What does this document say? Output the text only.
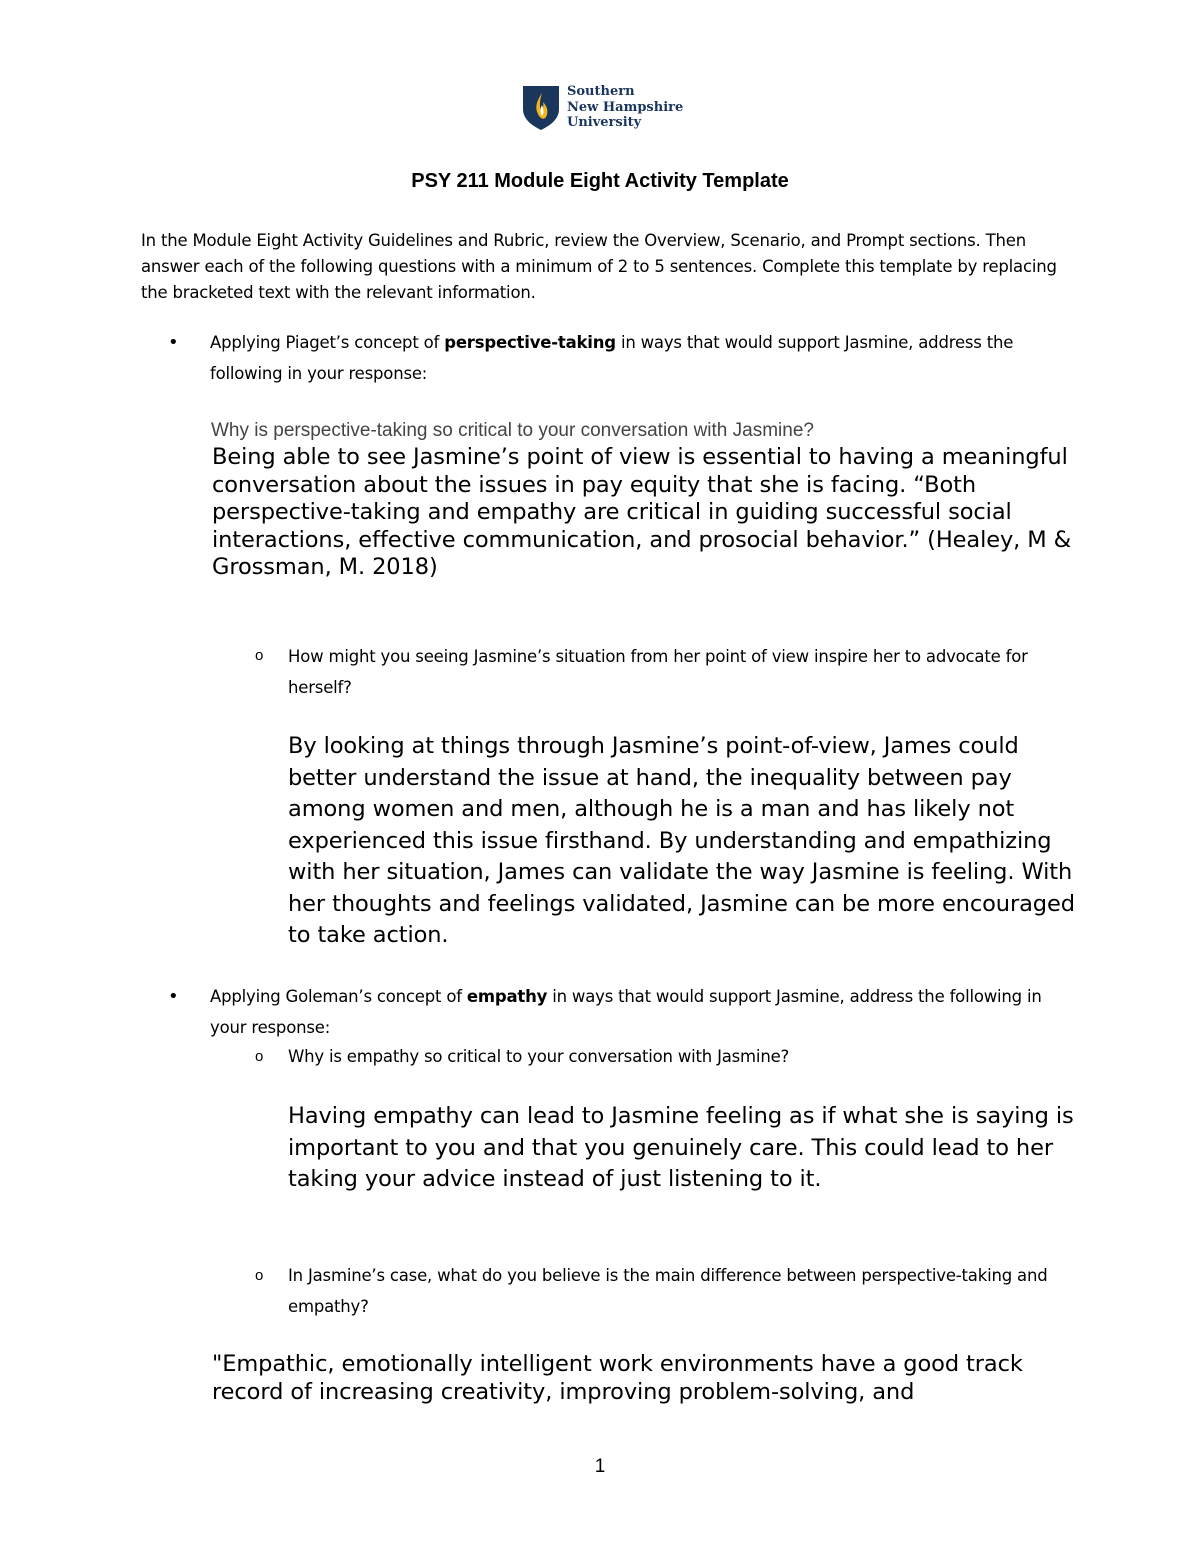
Southern
New Hampshire
University
PSY 211 Module Eight Activity Template

In the Module Eight Activity Guidelines and Rubric, review the Overview, Scenario, and Prompt sections. Then answer each of the following questions with a minimum of 2 to 5 sentences. Complete this template by replacing the bracketed text with the relevant information.

• Applying Piaget’s concept of perspective-taking in ways that would support Jasmine, address the following in your response:

Why is perspective-taking so critical to your conversation with Jasmine?

Being able to see Jasmine’s point of view is essential to having a meaningful conversation about the issues in pay equity that she is facing. “Both perspective-taking and empathy are critical in guiding successful social interactions, effective communication, and prosocial behavior.” (Healey, M & Grossman, M. 2018)

o How might you seeing Jasmine’s situation from her point of view inspire her to advocate for herself?

By looking at things through Jasmine’s point-of-view, James could better understand the issue at hand, the inequality between pay among women and men, although he is a man and has likely not experienced this issue firsthand. By understanding and empathizing with her situation, James can validate the way Jasmine is feeling. With her thoughts and feelings validated, Jasmine can be more encouraged to take action.

• Applying Goleman’s concept of empathy in ways that would support Jasmine, address the following in your response:

o Why is empathy so critical to your conversation with Jasmine?

Having empathy can lead to Jasmine feeling as if what she is saying is important to you and that you genuinely care. This could lead to her taking your advice instead of just listening to it.

o In Jasmine’s case, what do you believe is the main difference between perspective-taking and empathy?

"Empathic, emotionally intelligent work environments have a good track record of increasing creativity, improving problem-solving, and

1
